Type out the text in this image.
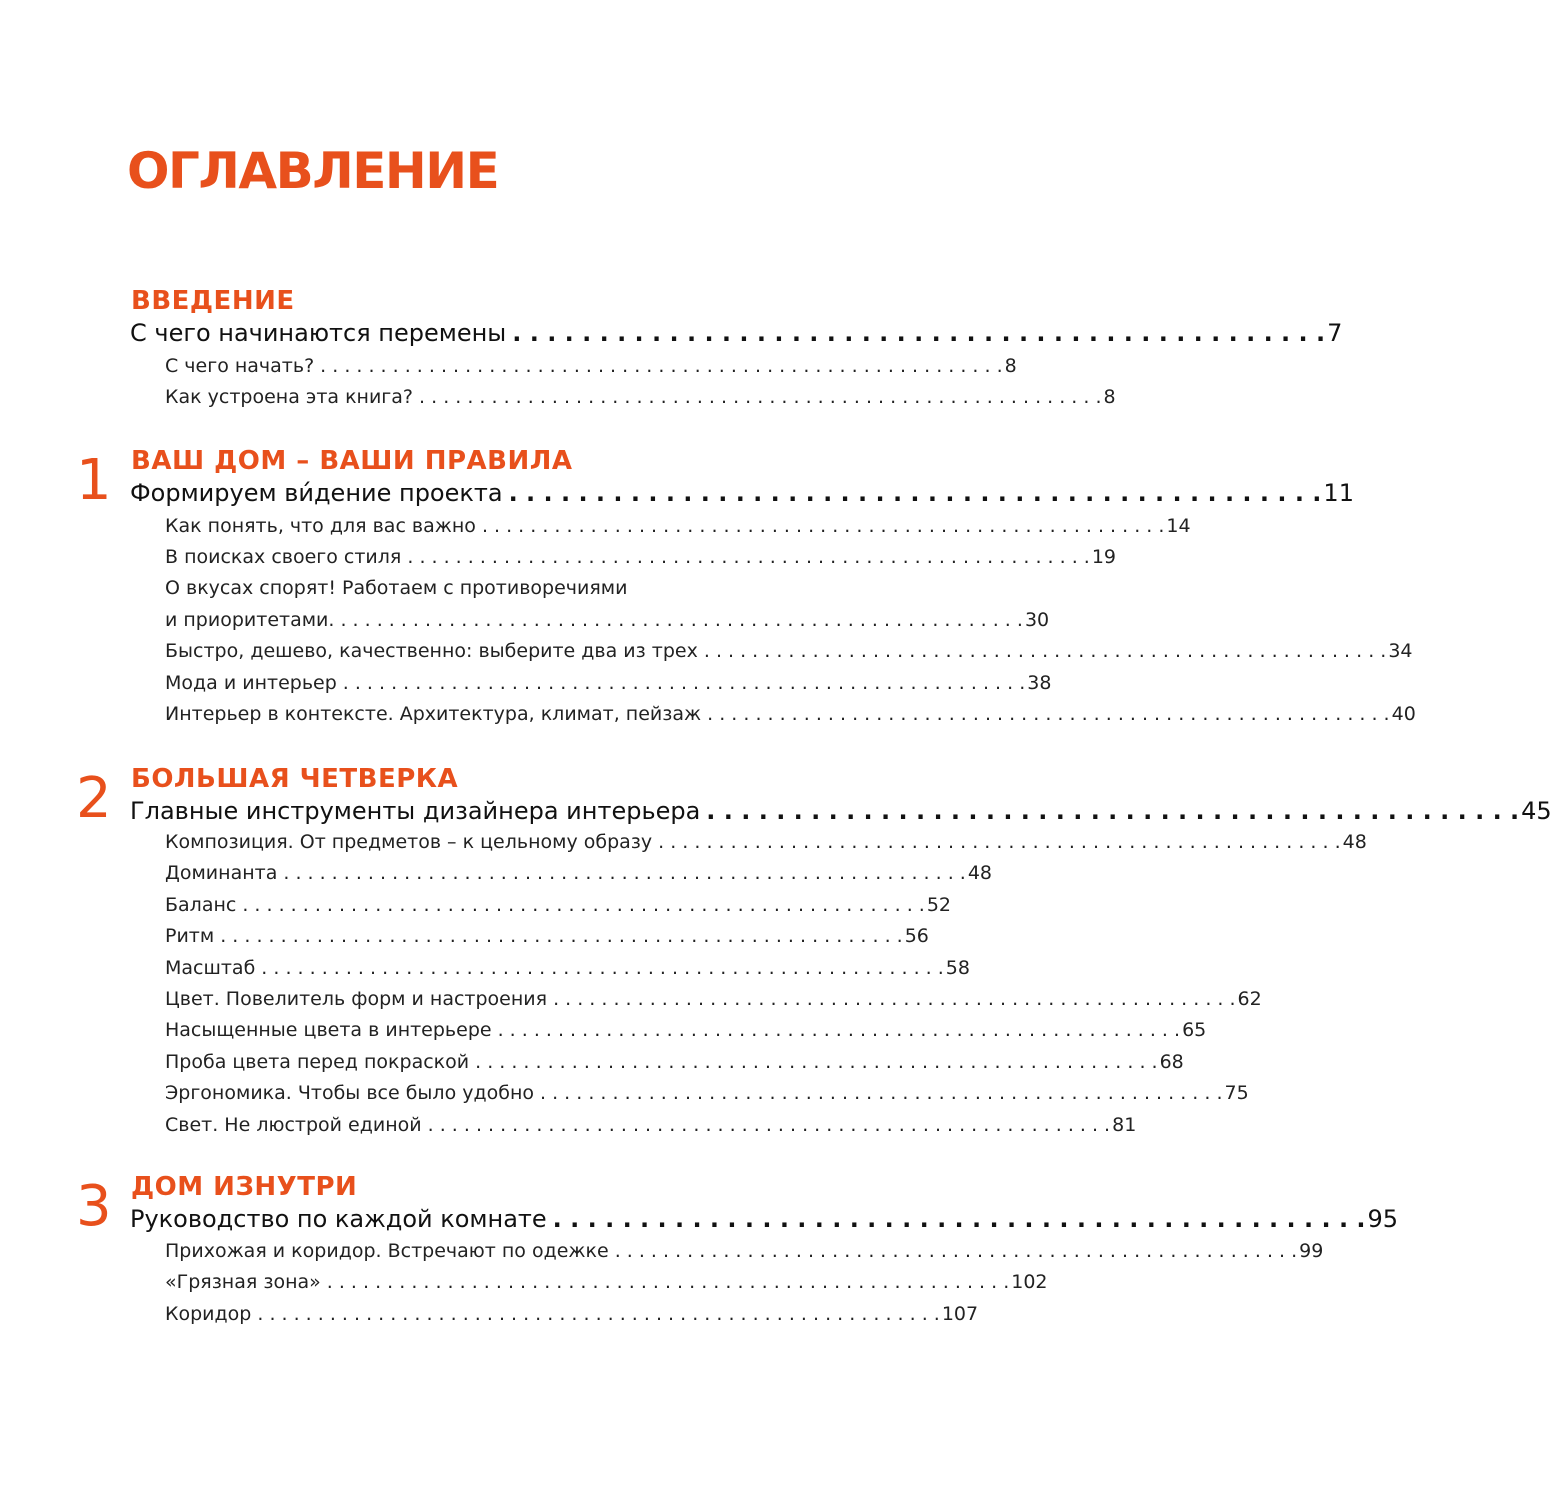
ОГЛАВЛЕНИЕ
ВВЕДЕНИЕ
С чего начинаются перемены . . . . . . . . . . . . . . . . . . . . . . . . . . . . . . . . . . . . . . . . . . . . . . . 7
С чего начать? . . . . . . . . . . . . . . . . . . . . . . . . . . . . . . . . . . . . . . . . . . . . . . . . . . . . . . . . . 8
Как устроена эта книга? . . . . . . . . . . . . . . . . . . . . . . . . . . . . . . . . . . . . . . . . . . . . . . . . . . . . . . . . . 8
1 ВАШ ДОМ – ВАШИ ПРАВИЛА
Формируем ви́дение проекта . . . . . . . . . . . . . . . . . . . . . . . . . . . . . . . . . . . . . . . . . . . . . . . 11
Как понять, что для вас важно . . . . . . . . . . . . . . . . . . . . . . . . . . . . . . . . . . . . . . . . . . . . . . . . . . . . . . . . . 14
В поисках своего стиля . . . . . . . . . . . . . . . . . . . . . . . . . . . . . . . . . . . . . . . . . . . . . . . . . . . . . . . . . 19
О вкусах спорят! Работаем с противоречиями
и приоритетами. . . . . . . . . . . . . . . . . . . . . . . . . . . . . . . . . . . . . . . . . . . . . . . . . . . . . . . . . . 30
Быстро, дешево, качественно: выберите два из трех . . . . . . . . . . . . . . . . . . . . . . . . . . . . . . . . . . . . . . . . . . . . . . . . . . . . . . . . . 34
Мода и интерьер . . . . . . . . . . . . . . . . . . . . . . . . . . . . . . . . . . . . . . . . . . . . . . . . . . . . . . . . . 38
Интерьер в контексте. Архитектура, климат, пейзаж . . . . . . . . . . . . . . . . . . . . . . . . . . . . . . . . . . . . . . . . . . . . . . . . . . . . . . . . . 40
2 БОЛЬШАЯ ЧЕТВЕРКА
Главные инструменты дизайнера интерьера . . . . . . . . . . . . . . . . . . . . . . . . . . . . . . . . . . . . . . . . . . . . . . . 45
Композиция. От предметов – к цельному образу . . . . . . . . . . . . . . . . . . . . . . . . . . . . . . . . . . . . . . . . . . . . . . . . . . . . . . . . . 48
Доминанта . . . . . . . . . . . . . . . . . . . . . . . . . . . . . . . . . . . . . . . . . . . . . . . . . . . . . . . . . 48
Баланс . . . . . . . . . . . . . . . . . . . . . . . . . . . . . . . . . . . . . . . . . . . . . . . . . . . . . . . . . 52
Ритм . . . . . . . . . . . . . . . . . . . . . . . . . . . . . . . . . . . . . . . . . . . . . . . . . . . . . . . . . 56
Масштаб . . . . . . . . . . . . . . . . . . . . . . . . . . . . . . . . . . . . . . . . . . . . . . . . . . . . . . . . . 58
Цвет. Повелитель форм и настроения . . . . . . . . . . . . . . . . . . . . . . . . . . . . . . . . . . . . . . . . . . . . . . . . . . . . . . . . . 62
Насыщенные цвета в интерьере . . . . . . . . . . . . . . . . . . . . . . . . . . . . . . . . . . . . . . . . . . . . . . . . . . . . . . . . . 65
Проба цвета перед покраской . . . . . . . . . . . . . . . . . . . . . . . . . . . . . . . . . . . . . . . . . . . . . . . . . . . . . . . . . 68
Эргономика. Чтобы все было удобно . . . . . . . . . . . . . . . . . . . . . . . . . . . . . . . . . . . . . . . . . . . . . . . . . . . . . . . . . 75
Свет. Не люстрой единой . . . . . . . . . . . . . . . . . . . . . . . . . . . . . . . . . . . . . . . . . . . . . . . . . . . . . . . . . 81
3 ДОМ ИЗНУТРИ
Руководство по каждой комнате . . . . . . . . . . . . . . . . . . . . . . . . . . . . . . . . . . . . . . . . . . . . . . . 95
Прихожая и коридор. Встречают по одежке . . . . . . . . . . . . . . . . . . . . . . . . . . . . . . . . . . . . . . . . . . . . . . . . . . . . . . . . . 99
«Грязная зона» . . . . . . . . . . . . . . . . . . . . . . . . . . . . . . . . . . . . . . . . . . . . . . . . . . . . . . . . . 102
Коридор . . . . . . . . . . . . . . . . . . . . . . . . . . . . . . . . . . . . . . . . . . . . . . . . . . . . . . . . . 107
